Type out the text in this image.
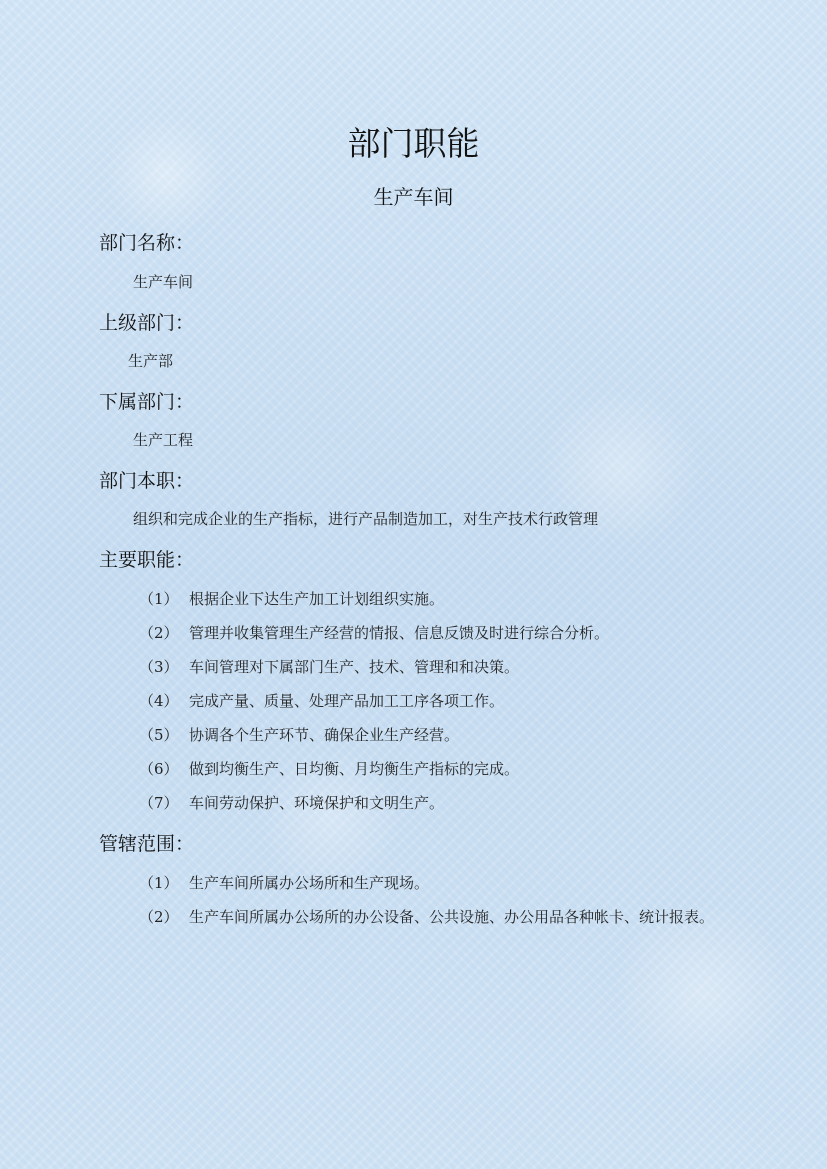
部门职能
生产车间
部门名称：
生产车间
上级部门：
生产部
下属部门：
生产工程
部门本职：
组织和完成企业的生产指标，进行产品制造加工，对生产技术行政管理
主要职能：
（1） 根据企业下达生产加工计划组织实施。
（2） 管理并收集管理生产经营的情报、信息反馈及时进行综合分析。
（3） 车间管理对下属部门生产、技术、管理和和决策。
（4） 完成产量、质量、处理产品加工工序各项工作。
（5） 协调各个生产环节、确保企业生产经营。
（6） 做到均衡生产、日均衡、月均衡生产指标的完成。
（7） 车间劳动保护、环境保护和文明生产。
管辖范围：
（1） 生产车间所属办公场所和生产现场。
（2） 生产车间所属办公场所的办公设备、公共设施、办公用品各种帐卡、统计报表。
